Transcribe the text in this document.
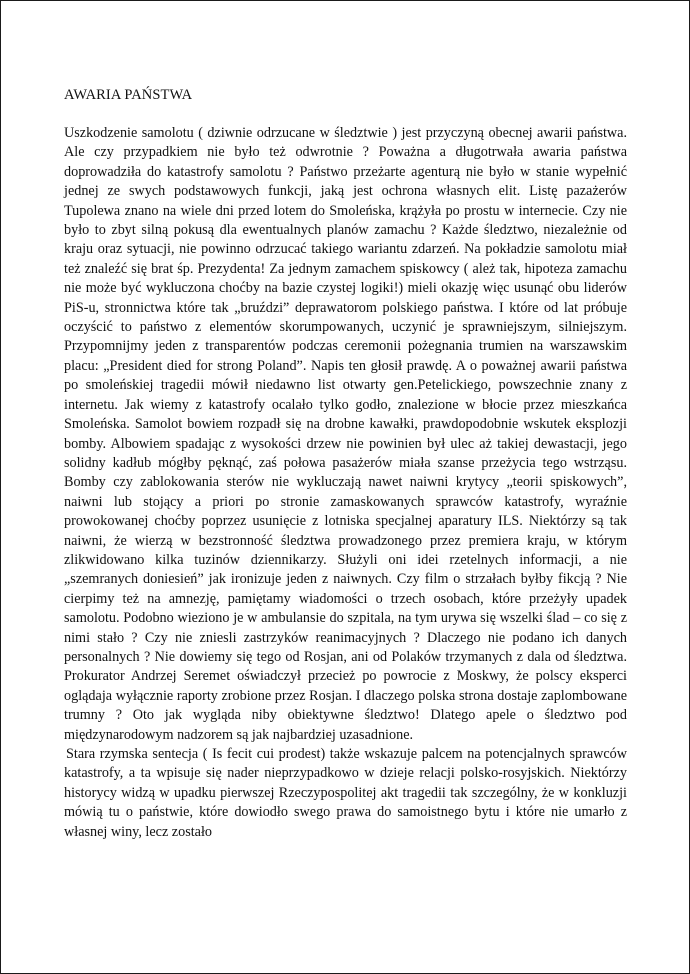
AWARIA PAŃSTWA

Uszkodzenie samolotu ( dziwnie odrzucane w śledztwie ) jest przyczyną obecnej awarii państwa. Ale czy przypadkiem nie było też odwrotnie ? Poważna a długotrwała awaria państwa doprowadziła do katastrofy samolotu ? Państwo przeżarte agenturą nie było w stanie wypełnić jednej ze swych podstawowych funkcji, jaką jest ochrona własnych elit. Listę pazażerów Tupolewa znano na wiele dni przed lotem do Smoleńska, krążyła po prostu w internecie. Czy nie było to zbyt silną pokusą dla ewentualnych planów zamachu ? Każde śledztwo, niezależnie od kraju oraz sytuacji, nie powinno odrzucać takiego wariantu zdarzeń. Na pokładzie samolotu miał też znaleźć się brat śp. Prezydenta! Za jednym zamachem spiskowcy ( ależ tak, hipoteza zamachu nie może być wykluczona choćby na bazie czystej logiki!) mieli okazję więc usunąć obu liderów PiS-u, stronnictwa które tak „bruździ” deprawatorom polskiego państwa. I które od lat próbuje oczyścić to państwo z elementów skorumpowanych, uczynić je sprawniejszym, silniejszym. Przypomnijmy jeden z transparentów podczas ceremonii pożegnania trumien na warszawskim placu: „President died for strong Poland”. Napis ten głosił prawdę. A o poważnej awarii państwa po smoleńskiej tragedii mówił niedawno list otwarty gen.Petelickiego, powszechnie znany z internetu. Jak wiemy z katastrofy ocalało tylko godło, znalezione w błocie przez mieszkańca Smoleńska. Samolot bowiem rozpadł się na drobne kawałki, prawdopodobnie wskutek eksplozji bomby. Albowiem spadając z wysokości drzew nie powinien był ulec aż takiej dewastacji, jego solidny kadłub mógłby pęknąć, zaś połowa pasażerów miała szanse przeżycia tego wstrząsu. Bomby czy zablokowania sterów nie wykluczają nawet naiwni krytycy „teorii spiskowych”, naiwni lub stojący a priori po stronie zamaskowanych sprawców katastrofy, wyraźnie prowokowanej choćby poprzez usunięcie z lotniska specjalnej aparatury ILS. Niektórzy są tak naiwni, że wierzą w bezstronność śledztwa prowadzonego przez premiera kraju, w którym zlikwidowano kilka tuzinów dziennikarzy. Służyli oni idei rzetelnych informacji, a nie „szemranych doniesień” jak ironizuje jeden z naiwnych. Czy film o strzałach byłby fikcją ? Nie cierpimy też na amnezję, pamiętamy wiadomości o trzech osobach, które przeżyły upadek samolotu. Podobno wieziono je w ambulansie do szpitala, na tym urywa się wszelki ślad – co się z nimi stało ? Czy nie zniesli zastrzyków reanimacyjnych ? Dlaczego nie podano ich danych personalnych ? Nie dowiemy się tego od Rosjan, ani od Polaków trzymanych z dala od śledztwa. Prokurator Andrzej Seremet oświadczył przecież po powrocie z Moskwy, że polscy eksperci oglądaja wyłącznie raporty zrobione przez Rosjan. I dlaczego polska strona dostaje zaplombowane trumny ? Oto jak wygląda niby obiektywne śledztwo! Dlatego apele o śledztwo pod międzynarodowym nadzorem są jak najbardziej uzasadnione.

Stara rzymska sentecja ( Is fecit cui prodest) także wskazuje palcem na potencjalnych sprawców katastrofy, a ta wpisuje się nader nieprzypadkowo w dzieje relacji polsko-rosyjskich. Niektórzy historycy widzą w upadku pierwszej Rzeczypospolitej akt tragedii tak szczególny, że w konkluzji mówią tu o państwie, które dowiodło swego prawa do samoistnego bytu i które nie umarło z własnej winy, lecz zostało
